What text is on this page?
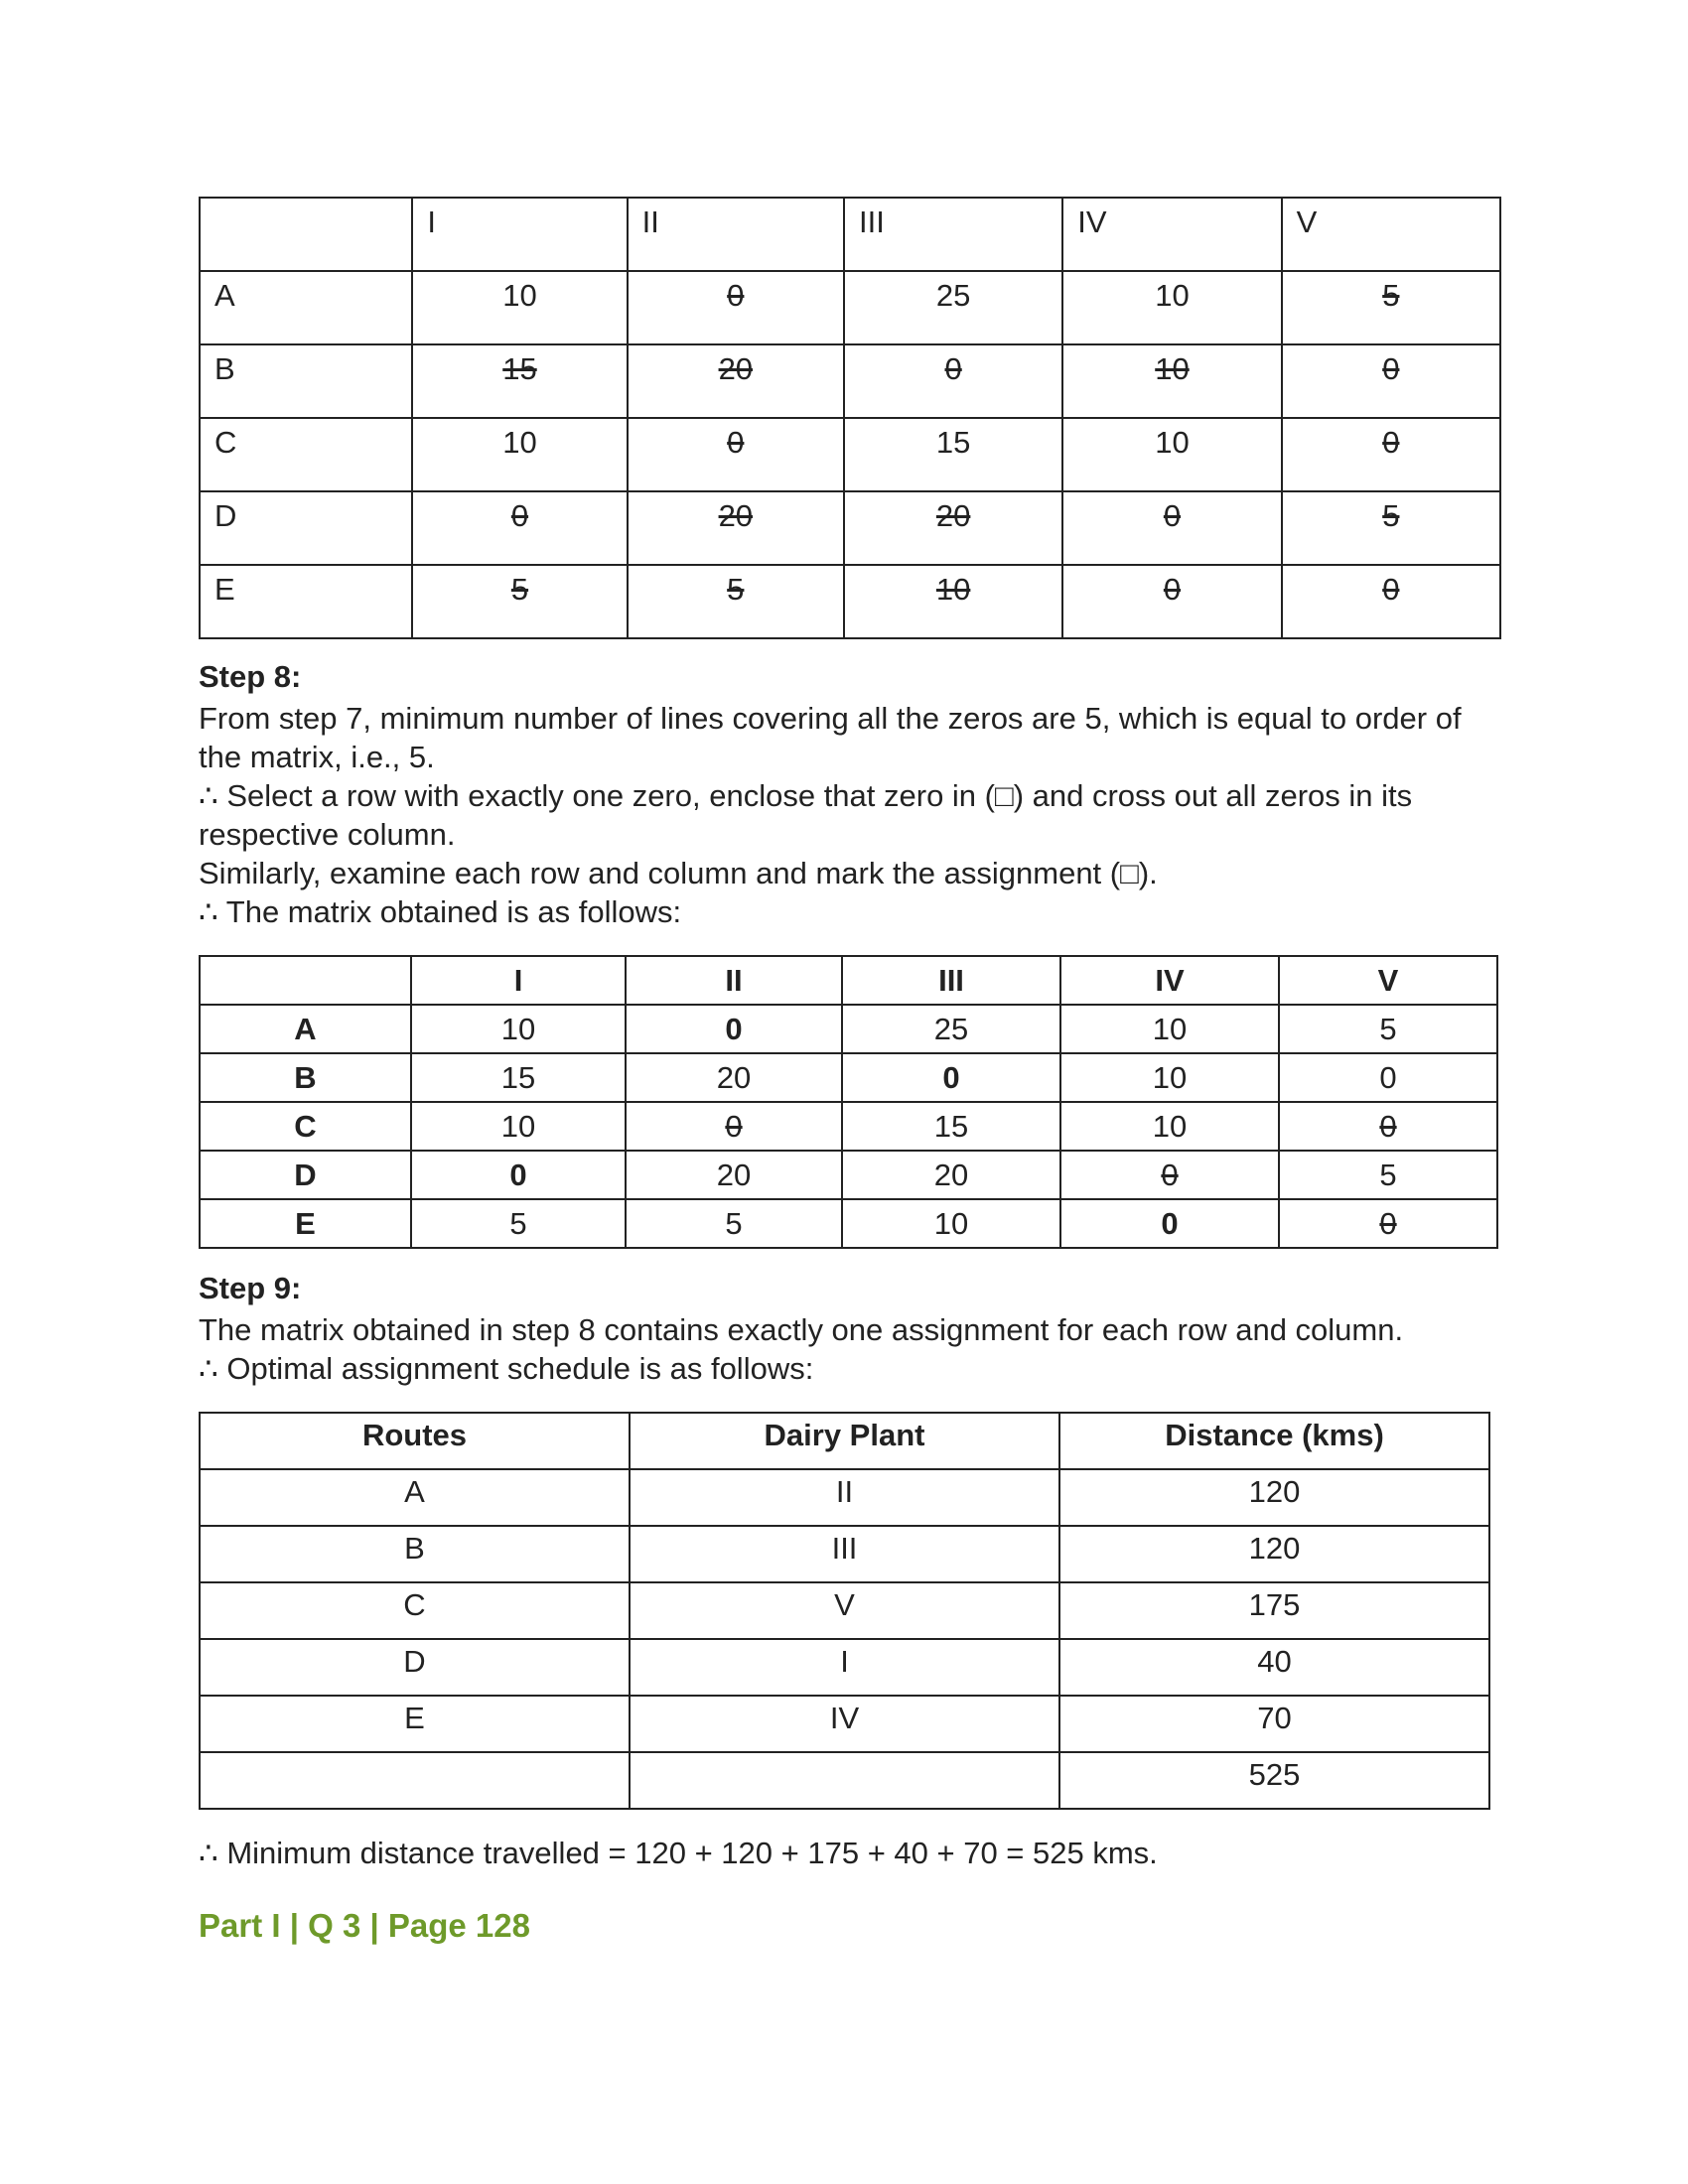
	I	II	III	IV	V
A	10	0	25	10	5
B	15	20	0	10	0
C	10	0	15	10	0
D	0	20	20	0	5
E	5	5	10	0	0
Step 8:

From step 7, minimum number of lines covering all the zeros are 5, which is equal to order of the matrix, i.e., 5.

∴ Select a row with exactly one zero, enclose that zero in (□) and cross out all zeros in its respective column.

Similarly, examine each row and column and mark the assignment (□).

∴ The matrix obtained is as follows:

	I	II	III	IV	V
A	10	0	25	10	5
B	15	20	0	10	0
C	10	0	15	10	0
D	0	20	20	0	5
E	5	5	10	0	0
Step 9:

The matrix obtained in step 8 contains exactly one assignment for each row and column.

∴ Optimal assignment schedule is as follows:

Routes	Dairy Plant	Distance (kms)
A	II	120
B	III	120
C	V	175
D	I	40
E	IV	70
		525
∴ Minimum distance travelled = 120 + 120 + 175 + 40 + 70 = 525 kms.
Part I | Q 3 | Page 128
